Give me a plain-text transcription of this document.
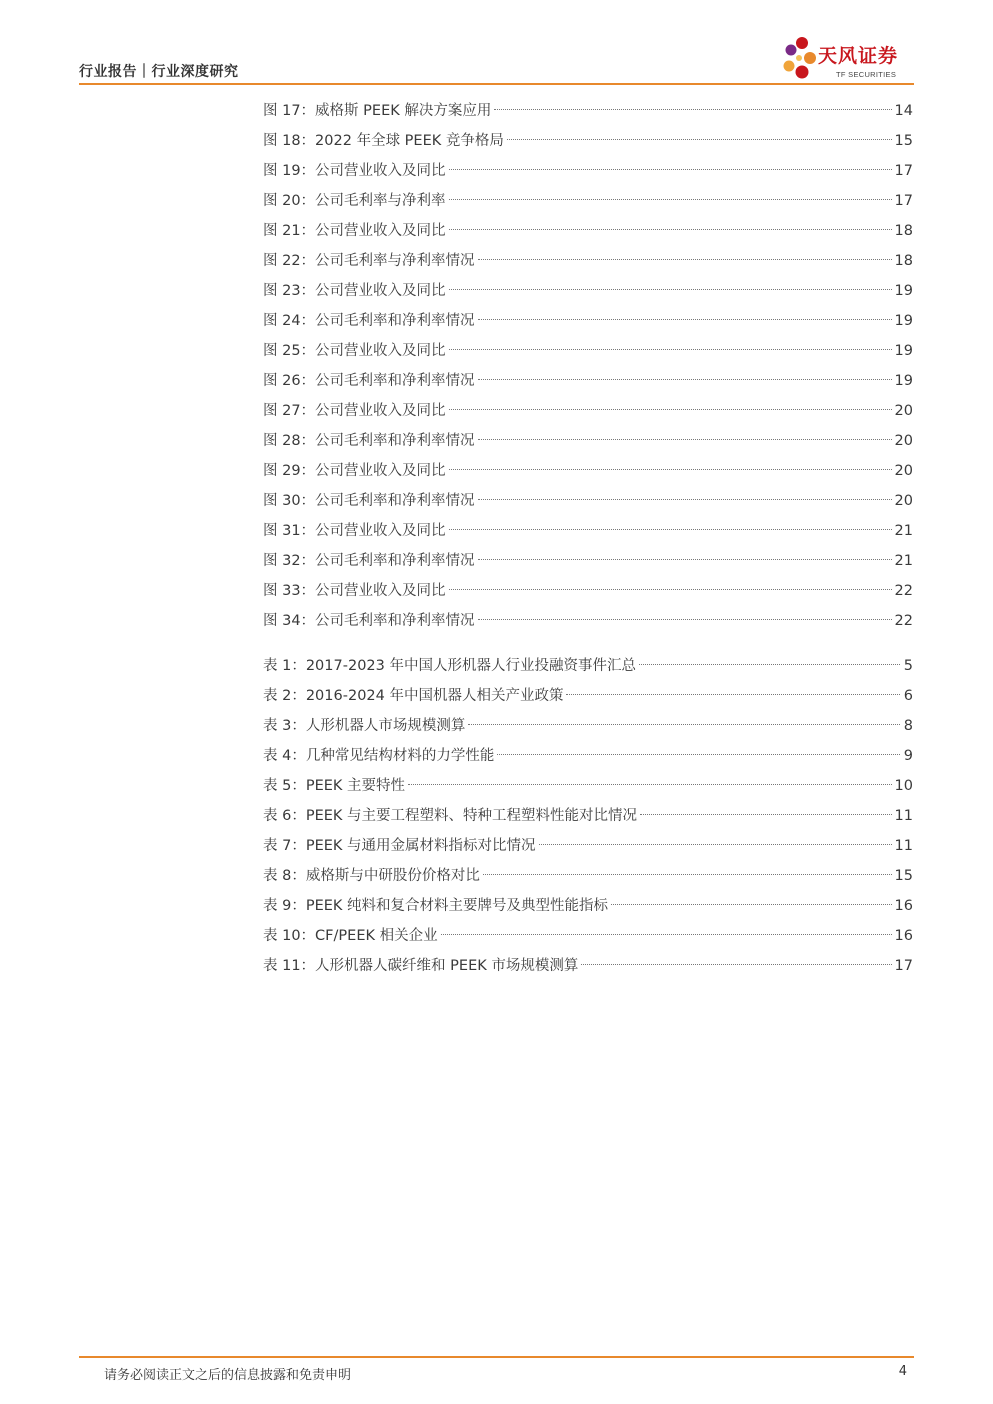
行业报告｜行业深度研究
天风证券
TF SECURITIES
图 17：威格斯 PEEK 解决方案应用	14
图 18：2022 年全球 PEEK 竞争格局	15
图 19：公司营业收入及同比	17
图 20：公司毛利率与净利率	17
图 21：公司营业收入及同比	18
图 22：公司毛利率与净利率情况	18
图 23：公司营业收入及同比	19
图 24：公司毛利率和净利率情况	19
图 25：公司营业收入及同比	19
图 26：公司毛利率和净利率情况	19
图 27：公司营业收入及同比	20
图 28：公司毛利率和净利率情况	20
图 29：公司营业收入及同比	20
图 30：公司毛利率和净利率情况	20
图 31：公司营业收入及同比	21
图 32：公司毛利率和净利率情况	21
图 33：公司营业收入及同比	22
图 34：公司毛利率和净利率情况	22
表 1：2017-2023 年中国人形机器人行业投融资事件汇总	5
表 2：2016-2024 年中国机器人相关产业政策	6
表 3：人形机器人市场规模测算	8
表 4：几种常见结构材料的力学性能	9
表 5：PEEK 主要特性	10
表 6：PEEK 与主要工程塑料、特种工程塑料性能对比情况	11
表 7：PEEK 与通用金属材料指标对比情况	11
表 8：威格斯与中研股份价格对比	15
表 9：PEEK 纯料和复合材料主要牌号及典型性能指标	16
表 10：CF/PEEK 相关企业	16
表 11：人形机器人碳纤维和 PEEK 市场规模测算	17
请务必阅读正文之后的信息披露和免责申明	4
